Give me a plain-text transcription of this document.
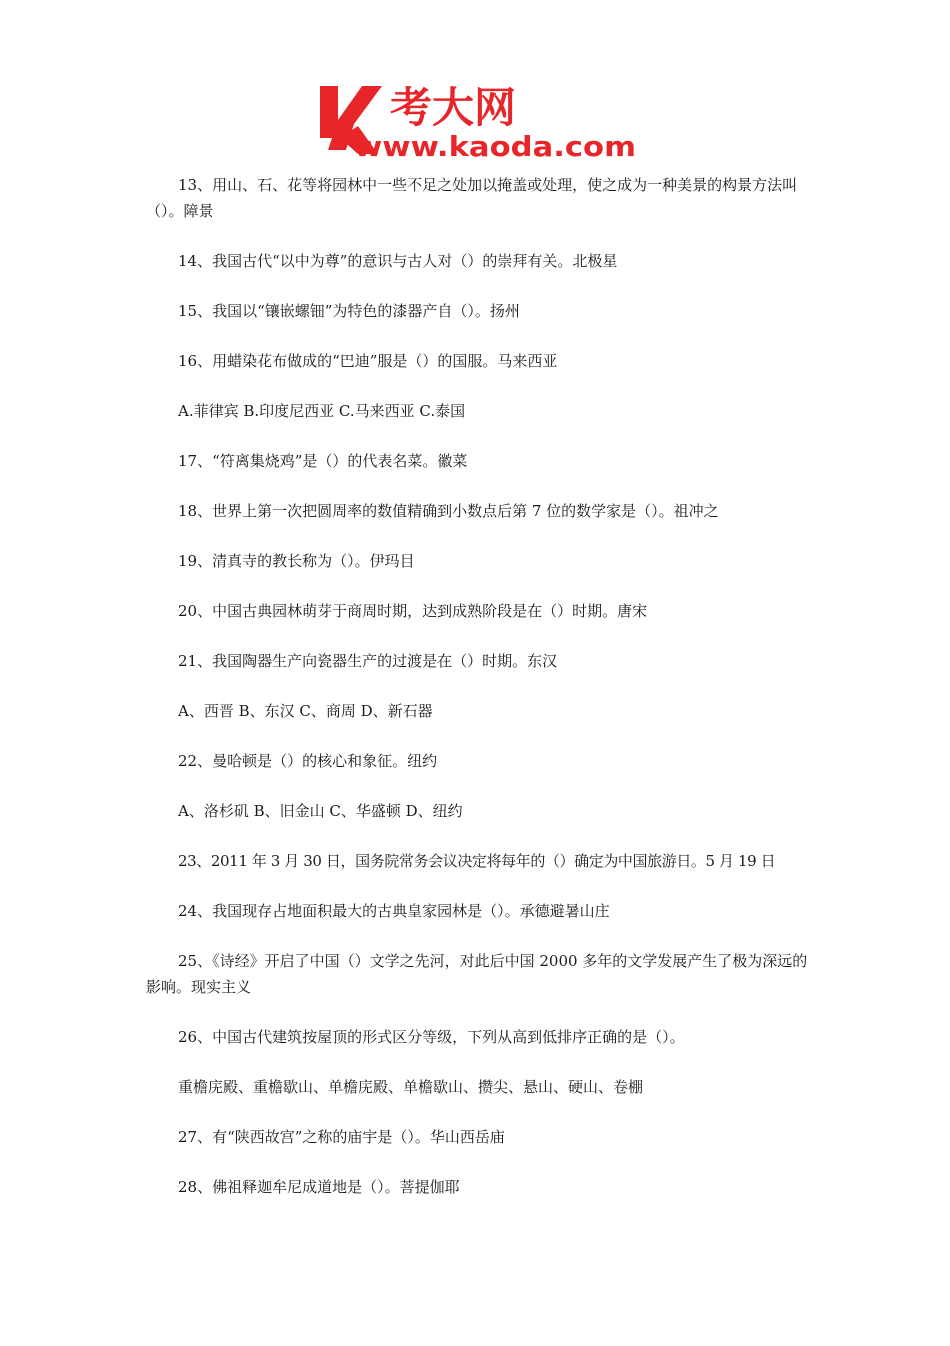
考大网
www.kaoda.com

13、用山、石、花等将园林中一些不足之处加以掩盖或处理，使之成为一种美景的构景方法叫（）。障景

14、我国古代“以中为尊”的意识与古人对（）的崇拜有关。北极星

15、我国以“镶嵌螺钿”为特色的漆器产自（）。扬州

16、用蜡染花布做成的“巴迪”服是（）的国服。马来西亚

A.菲律宾 B.印度尼西亚 C.马来西亚 C.泰国

17、“符离集烧鸡”是（）的代表名菜。徽菜

18、世界上第一次把圆周率的数值精确到小数点后第 7 位的数学家是（）。祖冲之

19、清真寺的教长称为（）。伊玛目

20、中国古典园林萌芽于商周时期，达到成熟阶段是在（）时期。唐宋

21、我国陶器生产向瓷器生产的过渡是在（）时期。东汉

A、西晋 B、东汉 C、商周 D、新石器

22、曼哈顿是（）的核心和象征。纽约

A、洛杉矶 B、旧金山 C、华盛顿 D、纽约

23、2011 年 3 月 30 日，国务院常务会议决定将每年的（）确定为中国旅游日。5 月 19 日

24、我国现存占地面积最大的古典皇家园林是（）。承德避暑山庄

25、《诗经》开启了中国（）文学之先河，对此后中国 2000 多年的文学发展产生了极为深远的影响。现实主义

26、中国古代建筑按屋顶的形式区分等级，下列从高到低排序正确的是（）。

重檐庑殿、重檐歇山、单檐庑殿、单檐歇山、攒尖、悬山、硬山、卷棚

27、有“陕西故宫”之称的庙宇是（）。华山西岳庙

28、佛祖释迦牟尼成道地是（）。菩提伽耶
